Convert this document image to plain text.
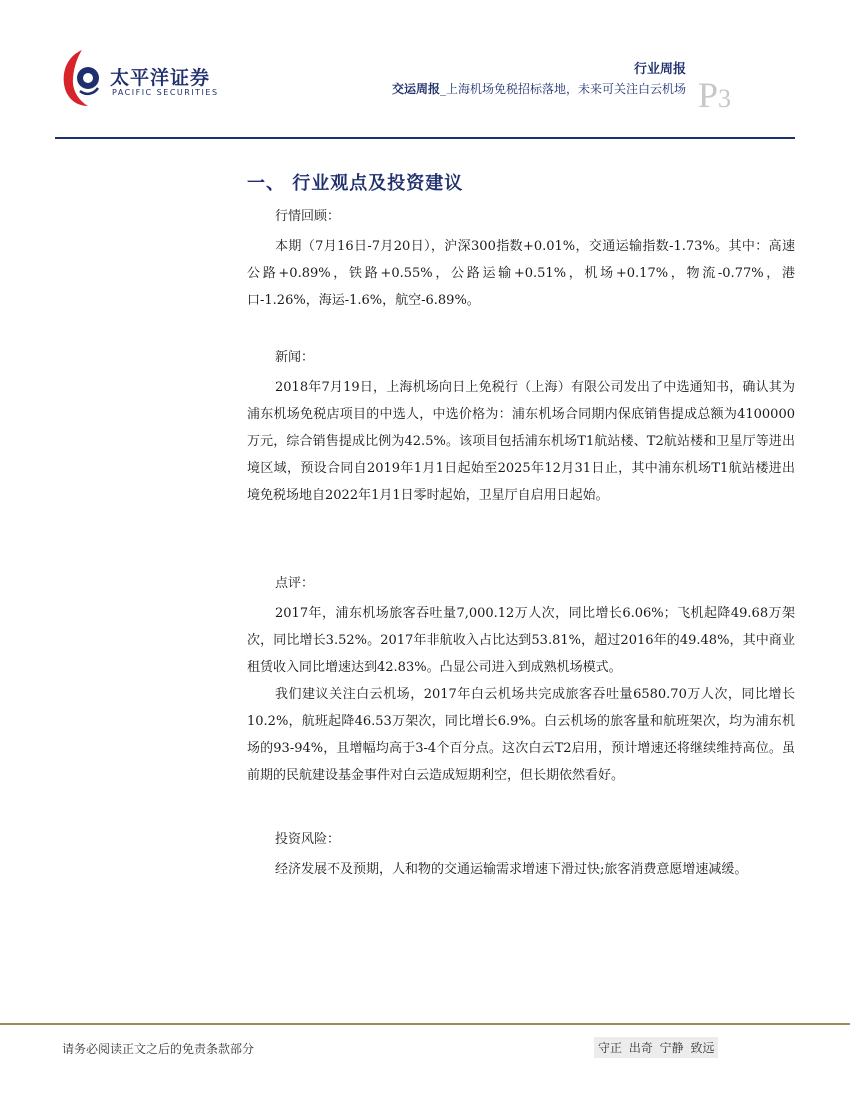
太平洋证券
PACIFIC SECURITIES
行业周报
交运周报_上海机场免税招标落地，未来可关注白云机场 P3
一、 行业观点及投资建议
行情回顾：

本期（7月16日-7月20日），沪深300指数+0.01%，交通运输指数-1.73%。其中：高速公路+0.89%，铁路+0.55%，公路运输+0.51%，机场+0.17%，物流-0.77%，港口-1.26%，海运-1.6%，航空-6.89%。

新闻：

2018年7月19日，上海机场向日上免税行（上海）有限公司发出了中选通知书，确认其为浦东机场免税店项目的中选人，中选价格为：浦东机场合同期内保底销售提成总额为4100000万元，综合销售提成比例为42.5%。该项目包括浦东机场T1航站楼、T2航站楼和卫星厅等进出境区域，预设合同自2019年1月1日起始至2025年12月31日止，其中浦东机场T1航站楼进出境免税场地自2022年1月1日零时起始，卫星厅自启用日起始。

点评：

2017年，浦东机场旅客吞吐量7,000.12万人次，同比增长6.06%；飞机起降49.68万架次，同比增长3.52%。2017年非航收入占比达到53.81%，超过2016年的49.48%，其中商业租赁收入同比增速达到42.83%。凸显公司进入到成熟机场模式。

我们建议关注白云机场，2017年白云机场共完成旅客吞吐量6580.70万人次，同比增长10.2%，航班起降46.53万架次，同比增长6.9%。白云机场的旅客量和航班架次，均为浦东机场的93-94%，且增幅均高于3-4个百分点。这次白云T2启用，预计增速还将继续维持高位。虽前期的民航建设基金事件对白云造成短期利空，但长期依然看好。

投资风险：

经济发展不及预期，人和物的交通运输需求增速下滑过快;旅客消费意愿增速减缓。

请务必阅读正文之后的免责条款部分	守正 出奇 宁静 致远
